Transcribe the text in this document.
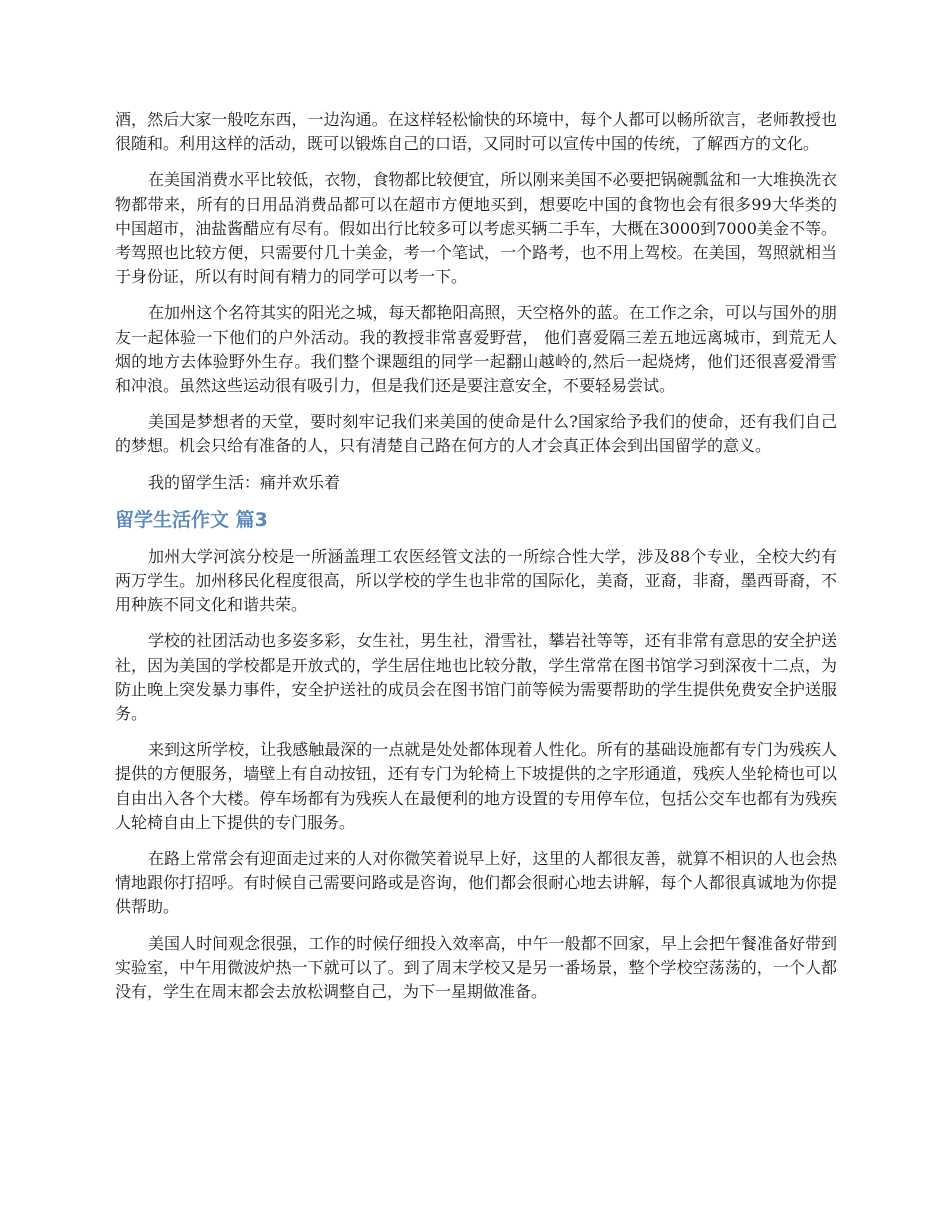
酒，然后大家一般吃东西，一边沟通。在这样轻松愉快的环境中，每个人都可以畅所欲言，老师教授也很随和。利用这样的活动，既可以锻炼自己的口语，又同时可以宣传中国的传统，了解西方的文化。

在美国消费水平比较低，衣物，食物都比较便宜，所以刚来美国不必要把锅碗瓢盆和一大堆换洗衣物都带来，所有的日用品消费品都可以在超市方便地买到，想要吃中国的食物也会有很多99大华类的中国超市，油盐酱醋应有尽有。假如出行比较多可以考虑买辆二手车，大概在3000到7000美金不等。考驾照也比较方便，只需要付几十美金，考一个笔试，一个路考，也不用上驾校。在美国，驾照就相当于身份证，所以有时间有精力的同学可以考一下。

在加州这个名符其实的阳光之城，每天都艳阳高照，天空格外的蓝。在工作之余，可以与国外的朋友一起体验一下他们的户外活动。我的教授非常喜爱野营， 他们喜爱隔三差五地远离城市，到荒无人烟的地方去体验野外生存。我们整个课题组的同学一起翻山越岭的,然后一起烧烤，他们还很喜爱滑雪和冲浪。虽然这些运动很有吸引力，但是我们还是要注意安全，不要轻易尝试。

美国是梦想者的天堂，要时刻牢记我们来美国的使命是什么?国家给予我们的使命，还有我们自己的梦想。机会只给有准备的人，只有清楚自己路在何方的人才会真正体会到出国留学的意义。

我的留学生活：痛并欢乐着

留学生活作文 篇3

加州大学河滨分校是一所涵盖理工农医经管文法的一所综合性大学，涉及88个专业，全校大约有两万学生。加州移民化程度很高，所以学校的学生也非常的国际化，美裔，亚裔，非裔，墨西哥裔，不用种族不同文化和谐共荣。

学校的社团活动也多姿多彩，女生社，男生社，滑雪社，攀岩社等等，还有非常有意思的安全护送社，因为美国的学校都是开放式的，学生居住地也比较分散，学生常常在图书馆学习到深夜十二点，为防止晚上突发暴力事件，安全护送社的成员会在图书馆门前等候为需要帮助的学生提供免费安全护送服务。

来到这所学校，让我感触最深的一点就是处处都体现着人性化。所有的基础设施都有专门为残疾人提供的方便服务，墙壁上有自动按钮，还有专门为轮椅上下坡提供的之字形通道，残疾人坐轮椅也可以自由出入各个大楼。停车场都有为残疾人在最便利的地方设置的专用停车位，包括公交车也都有为残疾人轮椅自由上下提供的专门服务。

在路上常常会有迎面走过来的人对你微笑着说早上好，这里的人都很友善，就算不相识的人也会热情地跟你打招呼。有时候自己需要问路或是咨询，他们都会很耐心地去讲解，每个人都很真诚地为你提供帮助。

美国人时间观念很强，工作的时候仔细投入效率高，中午一般都不回家，早上会把午餐准备好带到实验室，中午用微波炉热一下就可以了。到了周末学校又是另一番场景，整个学校空荡荡的，一个人都没有，学生在周末都会去放松调整自己，为下一星期做准备。
